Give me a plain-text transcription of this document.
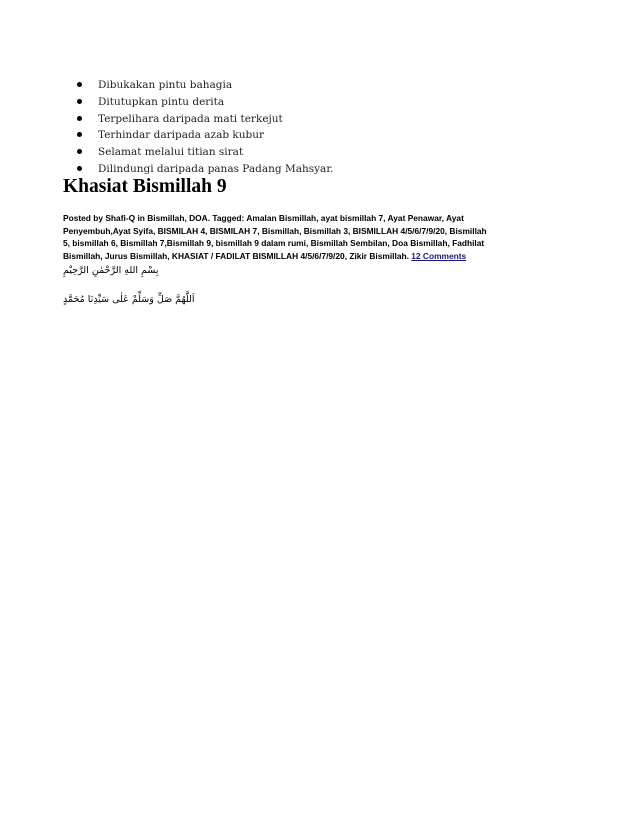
Dibukakan pintu bahagia
Ditutupkan pintu derita
Terpelihara daripada mati terkejut
Terhindar daripada azab kubur
Selamat melalui titian sirat
Dilindungi daripada panas Padang Mahsyar.
Khasiat Bismillah 9

Posted by Shafi-Q in Bismillah, DOA. Tagged: Amalan Bismillah, ayat bismillah 7, Ayat Penawar, Ayat
Penyembuh,Ayat Syifa, BISMILAH 4, BISMILAH 7, Bismillah, Bismillah 3, BISMILLAH 4/5/6/7/9/20, Bismillah
5, bismillah 6, Bismillah 7,Bismillah 9, bismillah 9 dalam rumi, Bismillah Sembilan, Doa Bismillah, Fadhilat
Bismillah, Jurus Bismillah, KHASIAT / FADILAT BISMILLAH 4/5/6/7/9/20, Zikir Bismillah. 12 Comments

بِسْمِ اللهِ الرَّحْمٰنِ الرَّحِيْمِ

اَللَّهُمَّ صَلِّ وَسَلِّمْ عَلٰى سَيِّدِنَا مُحَمَّدٍ
